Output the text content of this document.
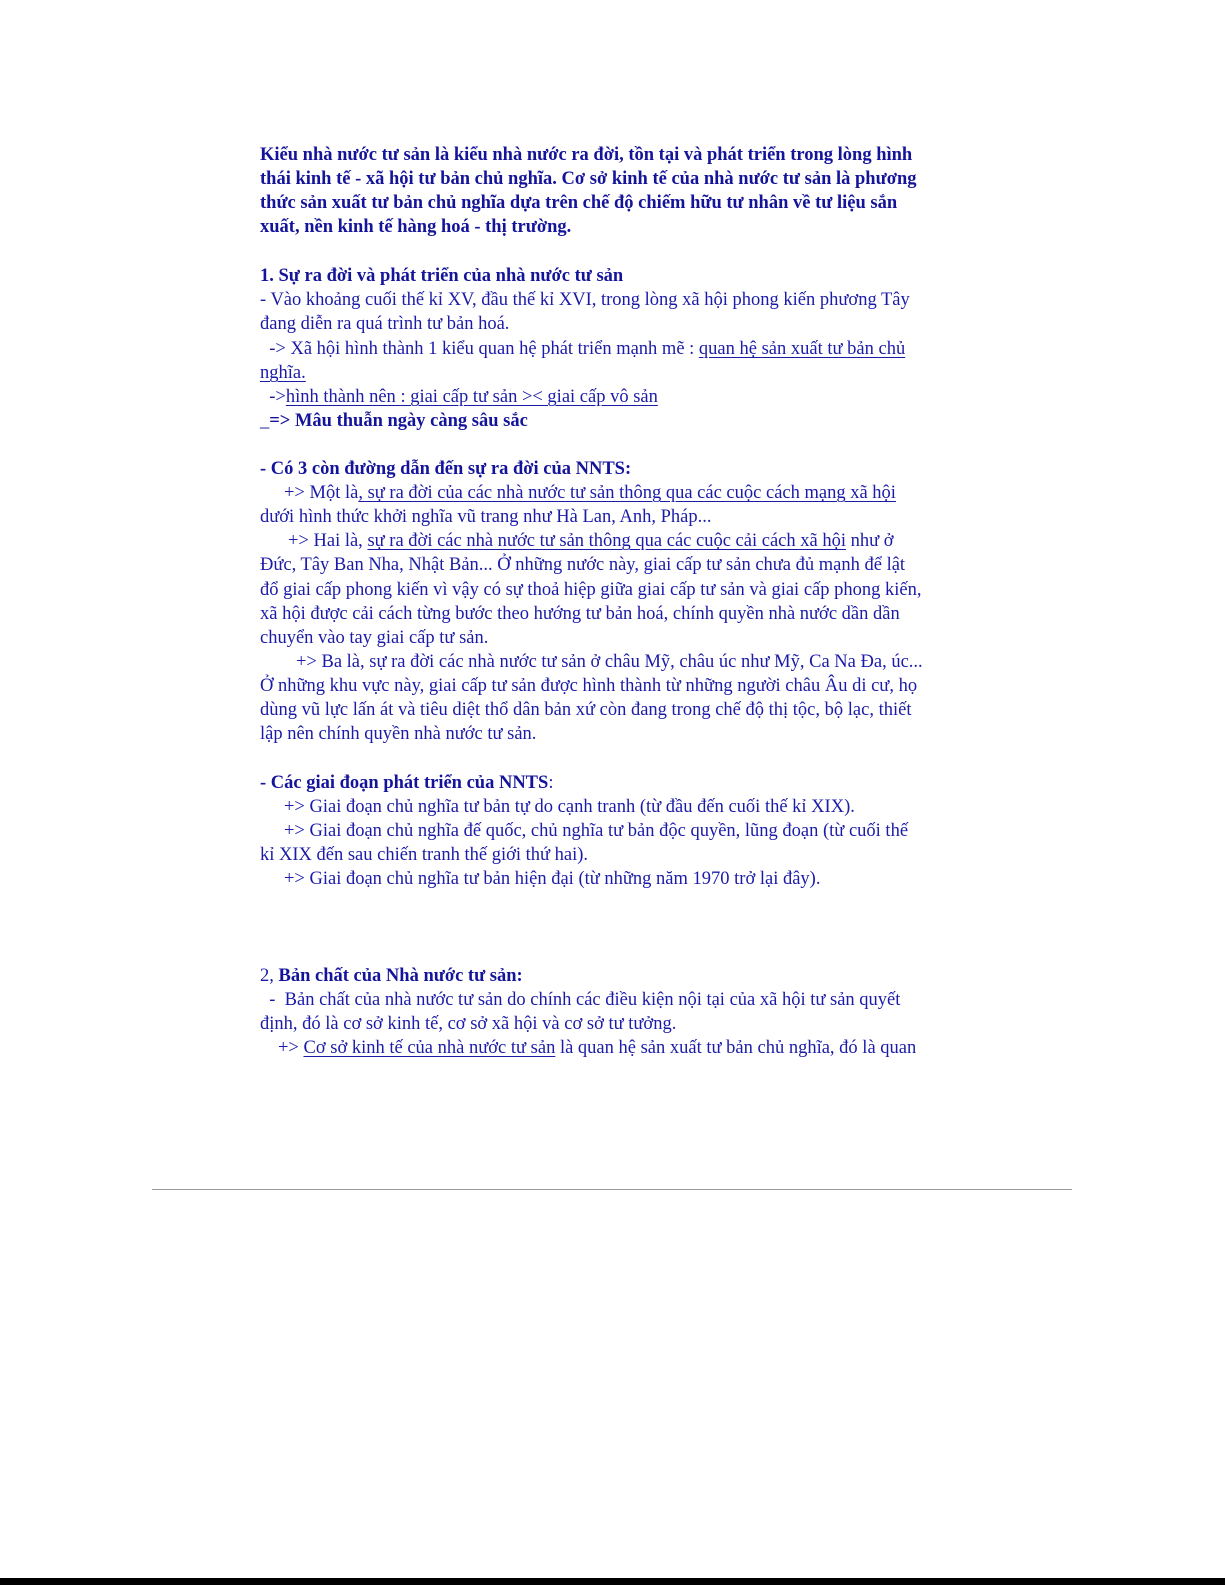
Kiểu nhà nước tư sản là kiểu nhà nước ra đời, tồn tại và phát triển trong lòng hình
thái kinh tế - xã hội tư bản chủ nghĩa. Cơ sở kinh tế của nhà nước tư sản là phương
thức sản xuất tư bản chủ nghĩa dựa trên chế độ chiếm hữu tư nhân về tư liệu sắn
xuất, nền kinh tế hàng hoá - thị trường.
1. Sự ra đời và phát triển của nhà nước tư sản
- Vào khoảng cuối thế kỉ XV, đầu thế kỉ XVI, trong lòng xã hội phong kiến phương Tây
đang diễn ra quá trình tư bản hoá.
-> Xã hội hình thành 1 kiểu quan hệ phát triển mạnh mẽ : quan hệ sản xuất tư bản chủ
nghĩa.
->hình thành nên : giai cấp tư sản >< giai cấp vô sản
_=> Mâu thuẫn ngày càng sâu sắc
- Có 3 còn đường dẫn đến sự ra đời của NNTS:
+> Một là, sự ra đời của các nhà nước tư sản thông qua các cuộc cách mạng xã hội
dưới hình thức khởi nghĩa vũ trang như Hà Lan, Anh, Pháp...
+> Hai là, sự ra đời các nhà nước tư sản thông qua các cuộc cải cách xã hội như ở
Đức, Tây Ban Nha, Nhật Bản... Ở những nước này, giai cấp tư sản chưa đủ mạnh để lật
đổ giai cấp phong kiến vì vậy có sự thoả hiệp giữa giai cấp tư sản và giai cấp phong kiến,
xã hội được cải cách từng bước theo hướng tư bản hoá, chính quyền nhà nước dần dần
chuyển vào tay giai cấp tư sản.
+> Ba là, sự ra đời các nhà nước tư sản ở châu Mỹ, châu úc như Mỹ, Ca Na Đa, úc...
Ở những khu vực này, giai cấp tư sản được hình thành từ những người châu Âu di cư, họ
dùng vũ lực lấn át và tiêu diệt thổ dân bản xứ còn đang trong chế độ thị tộc, bộ lạc, thiết
lập nên chính quyền nhà nước tư sản.
- Các giai đoạn phát triển của NNTS:
+> Giai đoạn chủ nghĩa tư bản tự do cạnh tranh (từ đầu đến cuối thế kỉ XIX).
+> Giai đoạn chủ nghĩa đế quốc, chủ nghĩa tư bản độc quyền, lũng đoạn (từ cuối thế
kỉ XIX đến sau chiến tranh thế giới thứ hai).
+> Giai đoạn chủ nghĩa tư bản hiện đại (từ những năm 1970 trở lại đây).
2, Bản chất của Nhà nước tư sản:
-  Bản chất của nhà nước tư sản do chính các điều kiện nội tại của xã hội tư sản quyết
định, đó là cơ sở kinh tế, cơ sở xã hội và cơ sở tư tưởng.
+> Cơ sở kinh tế của nhà nước tư sản là quan hệ sản xuất tư bản chủ nghĩa, đó là quan
